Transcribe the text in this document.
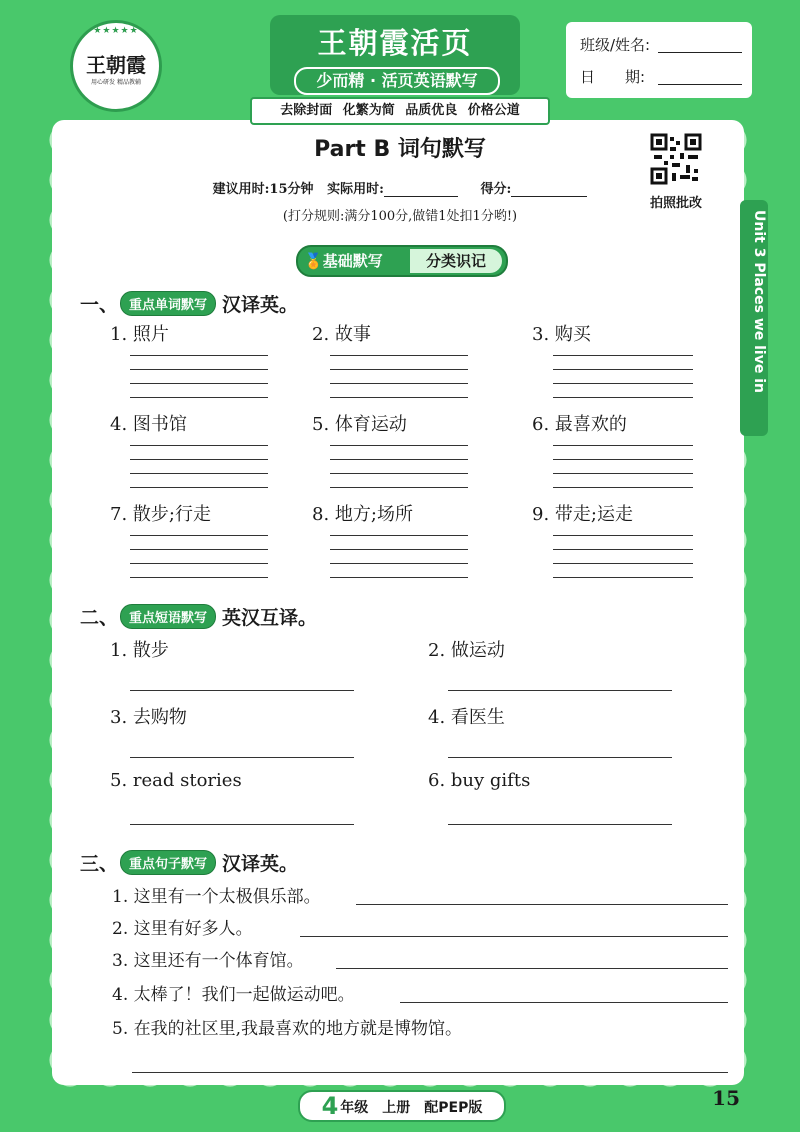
★★★★★
王朝霞
用心研发 精品教辅
王朝霞活页
少而精 · 活页英语默写
去除封面 化繁为简 品质优良 价格公道
班级/姓名:
日　　期:
Part B 词句默写
拍照批改
建议用时:15分钟 实际用时:	得分:
(打分规则:满分100分,做错1处扣1分哟!)	Unit 3 Places we live in
🏅基础默写	分类识记
一、 重点单词默写 汉译英。
1. 照片	2. 故事	3. 购买
4. 图书馆	5. 体育运动	6. 最喜欢的
7. 散步;行走	8. 地方;场所	9. 带走;运走
二、 重点短语默写 英汉互译。
1. 散步	2. 做运动
3. 去购物	4. 看医生
5. read stories	6. buy gifts
三、 重点句子默写 汉译英。
1. 这里有一个太极俱乐部。
2. 这里有好多人。
3. 这里还有一个体育馆。
4. 太棒了！我们一起做运动吧。
5. 在我的社区里,我最喜欢的地方就是博物馆。
4 年级　上册　配PEP版	15
